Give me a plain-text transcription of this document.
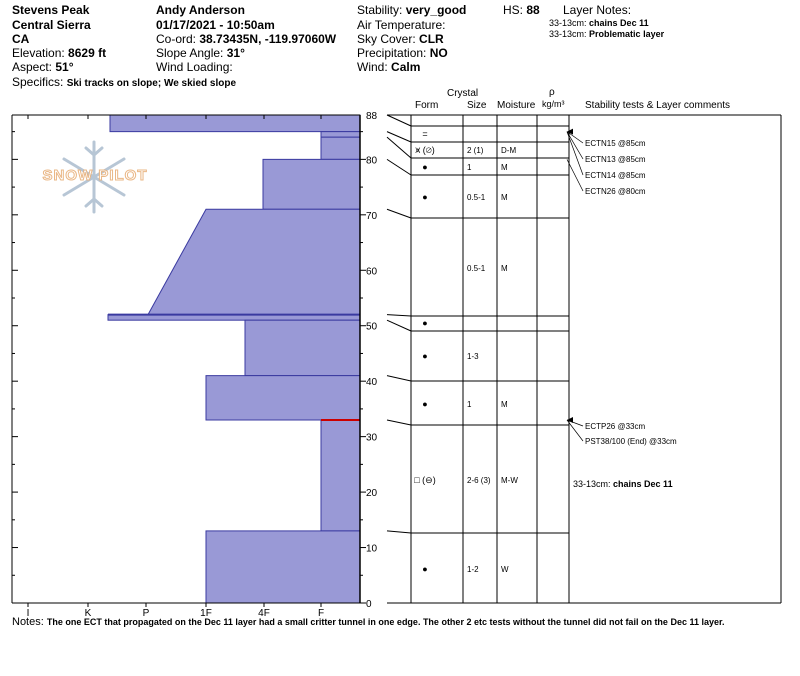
Stevens Peak
Central Sierra
CA
Elevation: 8629 ft
Aspect: 51°
Specifics: Ski tracks on slope; We skied slope
Andy Anderson
01/17/2021 - 10:50am
Co-ord: 38.73435N, -119.97060W
Slope Angle: 31°
Wind Loading:
Stability: very_good	HS: 88
Air Temperature:
Sky Cover: CLR
Precipitation: NO
Wind: Calm
Layer Notes:
33-13cm: chains Dec 11
33-13cm: Problematic layer
Crystal
Form	Size Moisture
ρ
kg/m³ Stability tests & Layer comments
SNOW PILOT
I	K	P	1F	4F	F
0
10
20
30
40
50
60
70
80
88
=
⩙ (⌀)	2 (1) D-M
●	1	M
●	0.5-1 M
0.5-1 M
●
●	1-3
●	1	M
□ (⊖)	2-6 (3) M-W
●	1-2	W
ECTN15 @85cm
ECTN13 @85cm
ECTN14 @85cm
ECTN26 @80cm
ECTP26 @33cm
PST38/100 (End) @33cm
33-13cm: chains Dec 11
Notes: The one ECT that propagated on the Dec 11 layer had a small critter tunnel in one edge. The other 2 etc tests without the tunnel did not fail on the Dec 11 layer.
